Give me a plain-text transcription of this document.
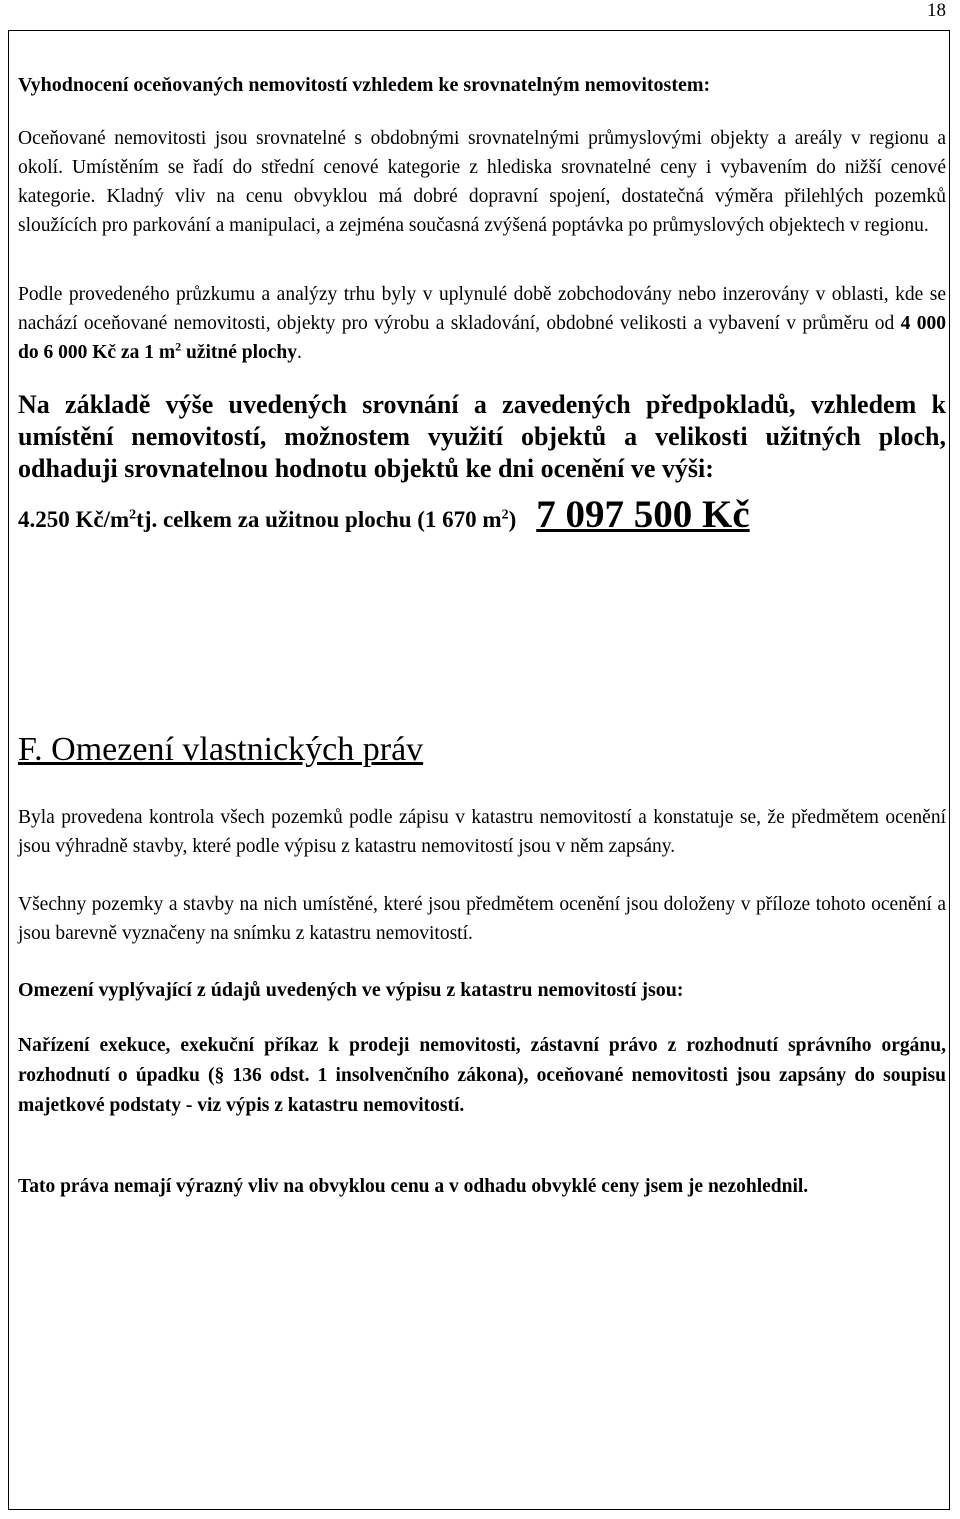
18

Vyhodnocení oceňovaných nemovitostí vzhledem ke srovnatelným nemovitostem:

Oceňované nemovitosti jsou srovnatelné s obdobnými srovnatelnými průmyslovými objekty a areály v regionu a okolí. Umístěním se řadí do střední cenové kategorie z hlediska srovnatelné ceny i vybavením do nižší cenové kategorie. Kladný vliv na cenu obvyklou má dobré dopravní spojení, dostatečná výměra přilehlých pozemků sloužících pro parkování a manipulaci, a zejména současná zvýšená poptávka po průmyslových objektech v regionu.

Podle provedeného průzkumu a analýzy trhu byly v uplynulé době zobchodovány nebo inzerovány v oblasti, kde se nachází oceňované nemovitosti, objekty pro výrobu a skladování, obdobné velikosti a vybavení v průměru od 4 000 do 6 000 Kč za 1 $m^2$ užitné plochy.

Na základě výše uvedených srovnání a zavedených předpokladů, vzhledem k umístění nemovitostí, možnostem využití objektů a velikosti užitných ploch, odhaduji srovnatelnou hodnotu objektů ke dni ocenění ve výši:

4.250 $Kč/m^2$ tj. celkem za užitnou plochu (1 670 $m^2$) 7 097 500 Kč
F. Omezení vlastnických práv

Byla provedena kontrola všech pozemků podle zápisu v katastru nemovitostí a konstatuje se, že předmětem ocenění jsou výhradně stavby, které podle výpisu z katastru nemovitostí jsou v něm zapsány.

Všechny pozemky a stavby na nich umístěné, které jsou předmětem ocenění jsou doloženy v příloze tohoto ocenění a jsou barevně vyznačeny na snímku z katastru nemovitostí.

Omezení vyplývající z údajů uvedených ve výpisu z katastru nemovitostí jsou:

Nařízení exekuce, exekuční příkaz k prodeji nemovitosti, zástavní právo z rozhodnutí správního orgánu, rozhodnutí o úpadku (§ 136 odst. 1 insolvenčního zákona), oceňované nemovitosti jsou zapsány do soupisu majetkové podstaty - viz výpis z katastru nemovitostí.

Tato práva nemají výrazný vliv na obvyklou cenu a v odhadu obvyklé ceny jsem je nezohlednil.
